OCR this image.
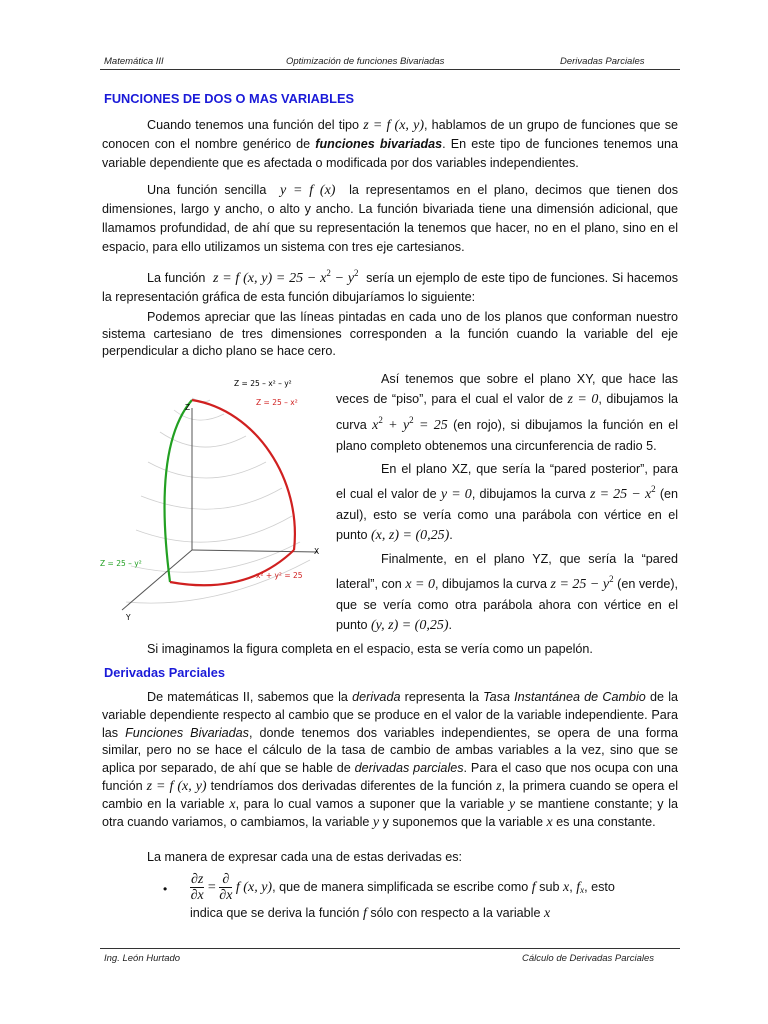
Matemática III	Optimización de funciones Bivariadas	Derivadas Parciales
FUNCIONES DE DOS O MAS VARIABLES
Cuando tenemos una función del tipo z = f (x, y), hablamos de un grupo de funciones que se conocen con el nombre genérico de funciones bivariadas. En este tipo de funciones tenemos una variable dependiente que es afectada o modificada por dos variables independientes.
Una función sencilla y = f (x) la representamos en el plano, decimos que tienen dos dimensiones, largo y ancho, o alto y ancho. La función bivariada tiene una dimensión adicional, que llamamos profundidad, de ahí que su representación la tenemos que hacer, no en el plano, sino en el espacio, para ello utilizamos un sistema con tres eje cartesianos.
La función z = f (x, $y) = 25 - x^2 - y^2$ sería un ejemplo de este tipo de funciones. Si hacemos la representación gráfica de esta función dibujaríamos lo siguiente:
Podemos apreciar que las líneas pintadas en cada uno de los planos que conforman nuestro sistema cartesiano de tres dimensiones corresponden a la función cuando la variable del eje perpendicular a dicho plano se hace cero.
Z = 25 – x² – y²
Z = 25 – x²
Z = 25 – y²
x² + y² = 25
Z
X
Y
Así tenemos que sobre el plano XY, que hace las veces de “piso”, para el cual el valor de z = 0, dibujamos la curva $x^2 + y^2 = 25$ (en rojo), si dibujamos la función en el plano completo obtenemos una circunferencia de radio 5.
En el plano XZ, que sería la “pared posterior”, para el cual el valor de y = 0, dibujamos la curva $z = 25 - x^2$ (en azul), esto se vería como una parábola con vértice en el punto (x, z) = (0,25).
Finalmente, en el plano YZ, que sería la “pared lateral”, con x = 0, dibujamos la curva $z = 25 - y^2$ (en verde), que se vería como otra parábola ahora con vértice en el punto (y, z) = (0,25).
Si imaginamos la figura completa en el espacio, esta se vería como un papelón.
Derivadas Parciales
De matemáticas II, sabemos que la derivada representa la Tasa Instantánea de Cambio de la variable dependiente respecto al cambio que se produce en el valor de la variable independiente. Para las Funciones Bivariadas, donde tenemos dos variables independientes, se opera de una forma similar, pero no se hace el cálculo de la tasa de cambio de ambas variables a la vez, sino que se aplica por separado, de ahí que se hable de derivadas parciales. Para el caso que nos ocupa con una función z = f (x, y) tendríamos dos derivadas diferentes de la función z, la primera cuando se opera el cambio en la variable x, para lo cual vamos a suponer que la variable y se mantiene constante; y la otra cuando variamos, o cambiamos, la variable y y suponemos que la variable x es una constante.
La manera de expresar cada una de estas derivadas es:
• $\frac{\partial z}{\partial x} = \frac{\partial}{\partial x}$ f (x, y), que de manera simplificada se escribe como f sub x, $f_x$, esto
indica que se deriva la función f sólo con respecto a la variable x
Ing. León Hurtado	Cálculo de Derivadas Parciales
